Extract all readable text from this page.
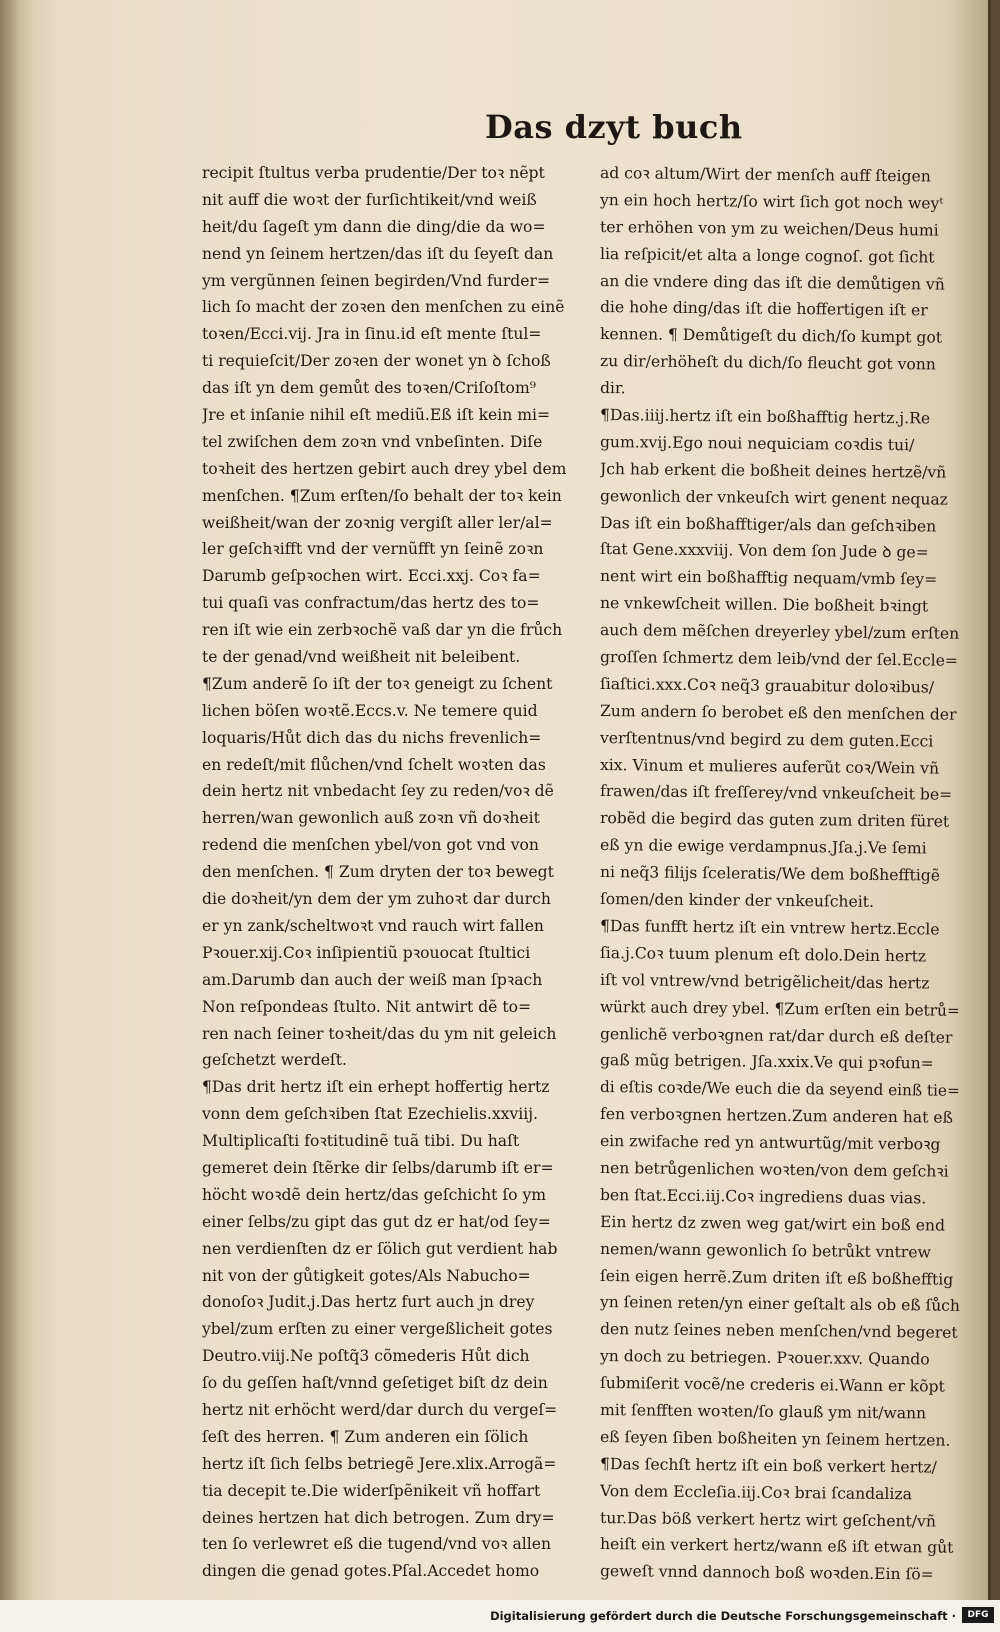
Das dzyt buch
recipit ſtultus verba prudentie/Der toꝛ nẽpt
nit auff die woꝛt der furſichtikeit/vnd weiß
heit/du ſageſt ym dann die ding/die da wo=
nend yn ſeinem hertzen/das iſt du ſeyeſt dan
ym vergũnnen ſeinen begirden/Vnd furder=
lich ſo macht der zoꝛen den menſchen zu einẽ
toꝛen/Ecci.vij. Jra in ſinu.id eſt mente ſtul=
ti requieſcit/Der zoꝛen der wonet yn ꝺ ſchoß
das iſt yn dem gemůt des toꝛen/Criſoſtom⁹
Jre et inſanie nihil eſt mediũ.Eß iſt kein mi=
tel zwiſchen dem zoꝛn vnd vnbeſinten. Diſe
toꝛheit des hertzen gebirt auch drey ybel dem
menſchen. ¶Zum erſten/ſo behalt der toꝛ kein
weißheit/wan der zoꝛnig vergiſt aller ler/al=
ler geſchꝛifft vnd der vernũfft yn ſeinẽ zoꝛn
Darumb geſpꝛochen wirt. Ecci.xxj. Coꝛ fa=
tui quaſi vas confractum/das hertz des to=
ren iſt wie ein zerbꝛochẽ vaß dar yn die frůch
te der genad/vnd weißheit nit beleibent.
¶Zum anderẽ ſo iſt der toꝛ geneigt zu ſchent
lichen böſen woꝛtẽ.Eccs.v. Ne temere quid
loquaris/Hůt dich das du nichs frevenlich=
en redeſt/mit flůchen/vnd ſchelt woꝛten das
dein hertz nit vnbedacht ſey zu reden/voꝛ dẽ
herren/wan gewonlich auß zoꝛn vñ doꝛheit
redend die menſchen ybel/von got vnd von
den menſchen. ¶ Zum dryten der toꝛ bewegt
die doꝛheit/yn dem der ym zuhoꝛt dar durch
er yn zank/scheltwoꝛt vnd rauch wirt fallen
Pꝛouer.xij.Coꝛ inſipientiũ pꝛouocat ſtultici
am.Darumb dan auch der weiß man ſpꝛach
Non reſpondeas ſtulto. Nit antwirt dẽ to=
ren nach ſeiner toꝛheit/das du ym nit geleich
geſchetzt werdeſt.
¶Das drit hertz iſt ein erhept hoffertig hertz
vonn dem geſchꝛiben ſtat Ezechielis.xxviij.
Multiplicaſti foꝛtitudinẽ tuã tibi. Du haſt
gemeret dein ſtẽrke dir ſelbs/darumb iſt er=
höcht woꝛdẽ dein hertz/das geſchicht ſo ym
einer ſelbs/zu gipt das gut dz er hat/od ſey=
nen verdienſten dz er ſölich gut verdient hab
nit von der gůtigkeit gotes/Als Nabucho=
donoſoꝛ Judit.j.Das hertz furt auch jn drey
ybel/zum erſten zu einer vergeßlicheit gotes
Deutro.viij.Ne poſtq̃3 cõmederis Hůt dich
ſo du geſſen haſt/vnnd geſetiget biſt dz dein
hertz nit erhöcht werd/dar durch du vergeſ=
ſeſt des herren. ¶ Zum anderen ein ſölich
hertz iſt ſich ſelbs betriegẽ Jere.xlix.Arrogã=
tia decepit te.Die widerſpẽnikeit vñ hoffart
deines hertzen hat dich betrogen. Zum dry=
ten ſo verlewret eß die tugend/vnd voꝛ allen
dingen die genad gotes.Pſal.Accedet homo
ad coꝛ altum/Wirt der menſch auff ſteigen
yn ein hoch hertz/ſo wirt ſich got noch weyᵗ
ter erhöhen von ym zu weichen/Deus humi
lia reſpicit/et alta a longe cognoſ. got ſicht
an die vndere ding das iſt die demůtigen vñ
die hohe ding/das iſt die hoffertigen iſt er
kennen. ¶ Demůtigeſt du dich/ſo kumpt got
zu dir/erhöheſt du dich/ſo fleucht got vonn
dir.
¶Das.iiij.hertz iſt ein boßhafftig hertz.j.Re
gum.xvij.Ego noui nequiciam coꝛdis tui/
Jch hab erkent die boßheit deines hertzẽ/vñ
gewonlich der vnkeuſch wirt genent nequaz
Das iſt ein boßhafftiger/als dan geſchꝛiben
ſtat Gene.xxxviij. Von dem ſon Jude ꝺ ge=
nent wirt ein boßhafftig nequam/vmb ſey=
ne vnkewſcheit willen. Die boßheit bꝛingt
auch dem mẽſchen dreyerley ybel/zum erſten
groſſen ſchmertz dem leib/vnd der ſel.Eccle=
ſiaſtici.xxx.Coꝛ neq̃3 grauabitur doloꝛibus/
Zum andern ſo berobet eß den menſchen der
verſtentnus/vnd begird zu dem guten.Ecci
xix. Vinum et mulieres auferũt coꝛ/Wein vñ
frawen/das iſt freſſerey/vnd vnkeuſcheit be=
robẽd die begird das guten zum driten füret
eß yn die ewige verdampnus.Jſa.j.Ve ſemi
ni neq̃3 filijs ſceleratis/We dem boßhefftigẽ
ſomen/den kinder der vnkeuſcheit.
¶Das funfft hertz iſt ein vntrew hertz.Eccle
ſia.j.Coꝛ tuum plenum eſt dolo.Dein hertz
iſt vol vntrew/vnd betrigẽlicheit/das hertz
würkt auch drey ybel. ¶Zum erſten ein betrů=
genlichẽ verboꝛgnen rat/dar durch eß deſter
gaß mũg betrigen. Jſa.xxix.Ve qui pꝛofun=
di eſtis coꝛde/We euch die da seyend einß tie=
fen verboꝛgnen hertzen.Zum anderen hat eß
ein zwifache red yn antwurtũg/mit verboꝛg
nen betrůgenlichen woꝛten/von dem geſchꝛi
ben ſtat.Ecci.iij.Coꝛ ingrediens duas vias.
Ein hertz dz zwen weg gat/wirt ein boß end
nemen/wann gewonlich ſo betrůkt vntrew
ſein eigen herrẽ.Zum driten iſt eß boßhefftig
yn ſeinen reten/yn einer geſtalt als ob eß ſůch
den nutz ſeines neben menſchen/vnd begeret
yn doch zu betriegen. Pꝛouer.xxv. Quando
ſubmiſerit vocẽ/ne crederis ei.Wann er kõpt
mit ſenfften woꝛten/ſo glauß ym nit/wann
eß ſeyen ſiben boßheiten yn ſeinem hertzen.
¶Das ſechſt hertz iſt ein boß verkert hertz/
Von dem Eccleſia.iij.Coꝛ brai ſcandaliza
tur.Das böß verkert hertz wirt geſchent/vñ
heiſt ein verkert hertz/wann eß iſt etwan gůt
geweſt vnnd dannoch boß woꝛden.Ein ſö=
Digitalisierung gefördert durch die Deutsche Forschungsgemeinschaft ·	DFG
